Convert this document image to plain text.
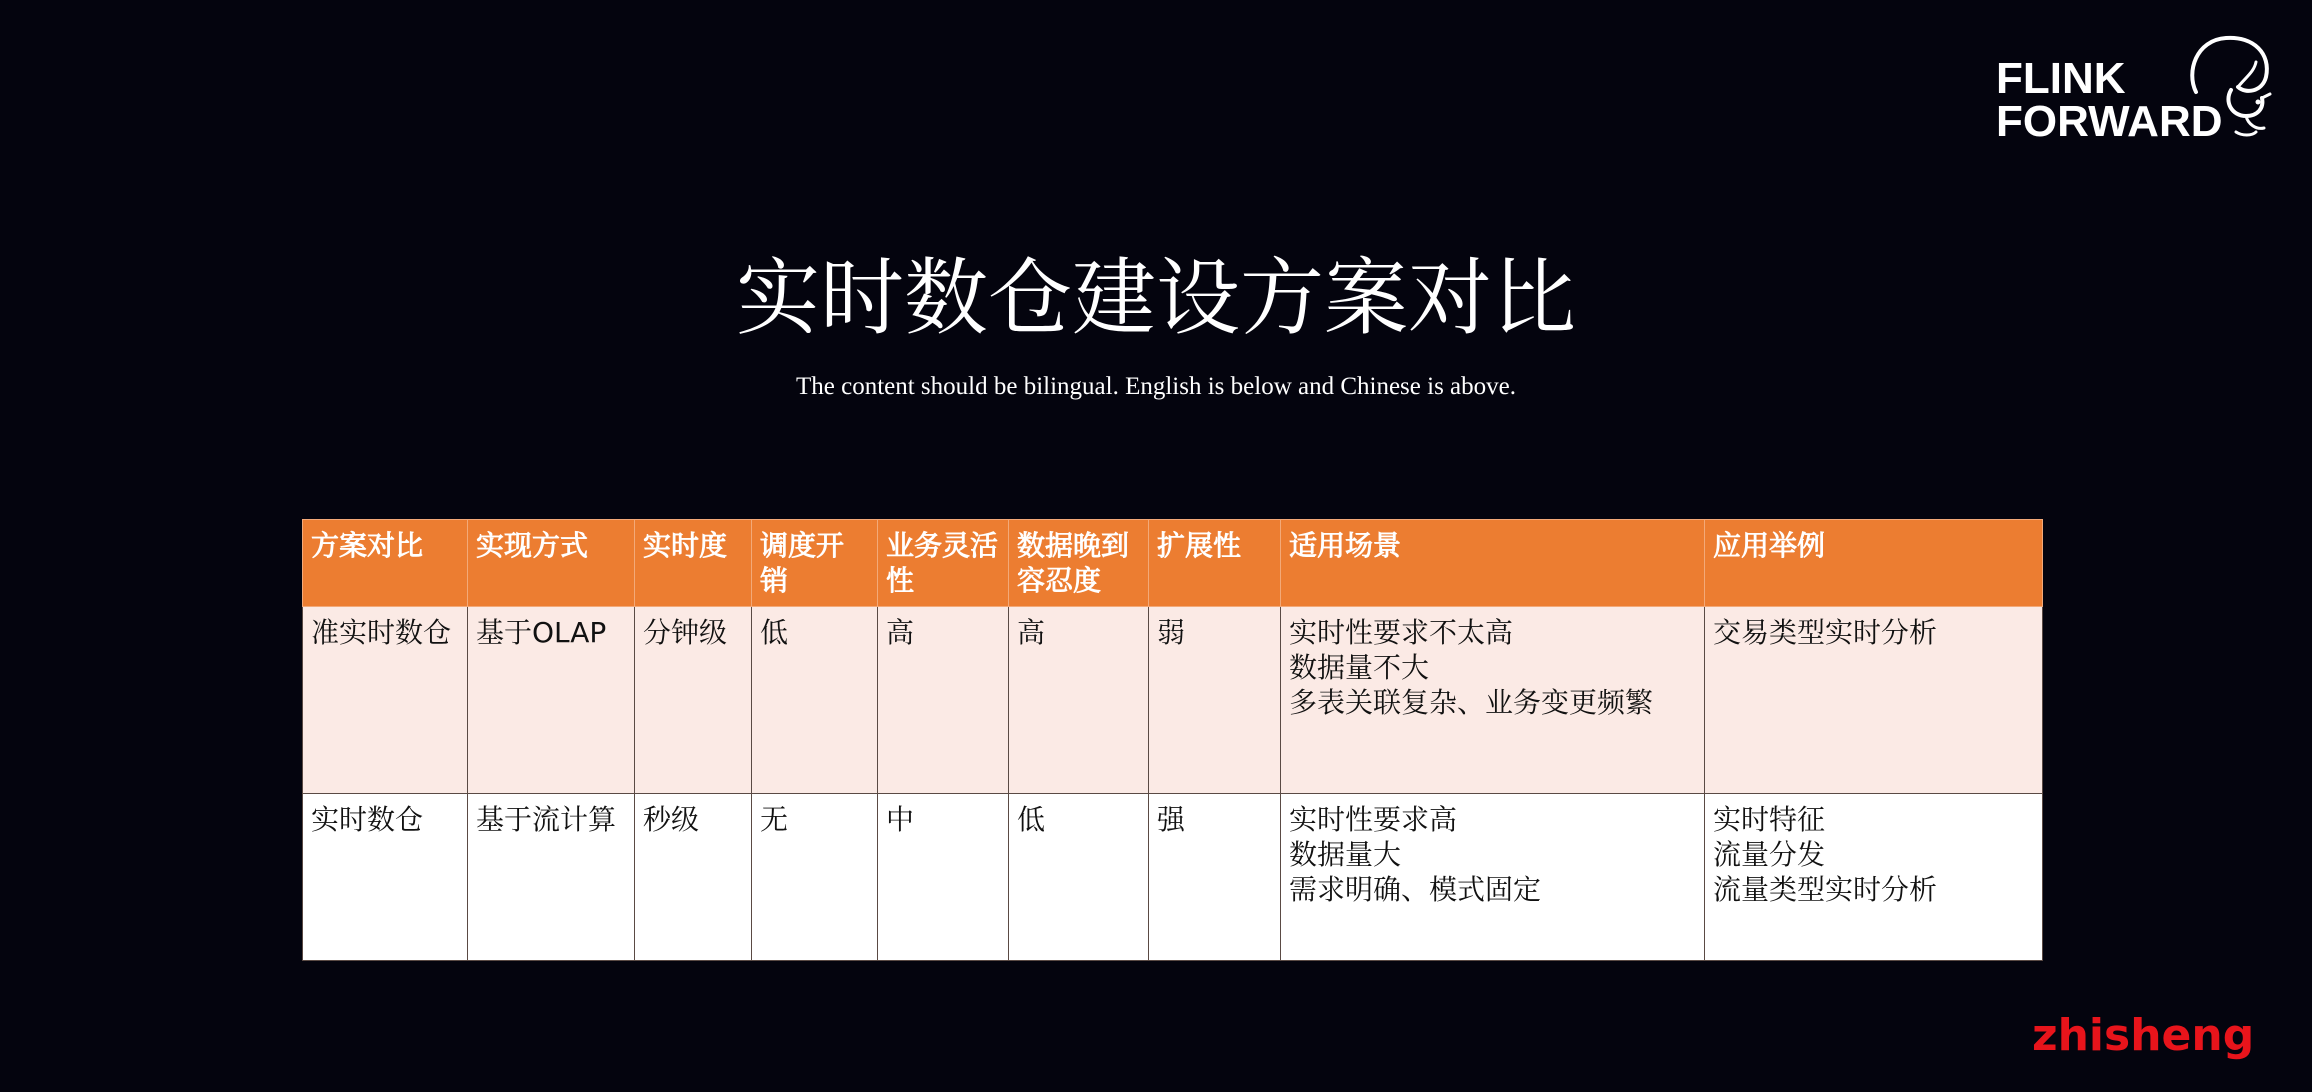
FLINK
FORWARD
实时数仓建设方案对比
The content should be bilingual. English is below and Chinese is above.
方案对比	实现方式	实时度	调度开销	业务灵活性	数据晚到容忍度	扩展性	适用场景	应用举例
准实时数仓	基于OLAP	分钟级	低	高	高	弱	实时性要求不太高
数据量不大
多表关联复杂、业务变更频繁	交易类型实时分析

实时数仓	基于流计算	秒级	无	中	低	强	实时性要求高
数据量大
需求明确、模式固定	实时特征
流量分发
流量类型实时分析
zhisheng
